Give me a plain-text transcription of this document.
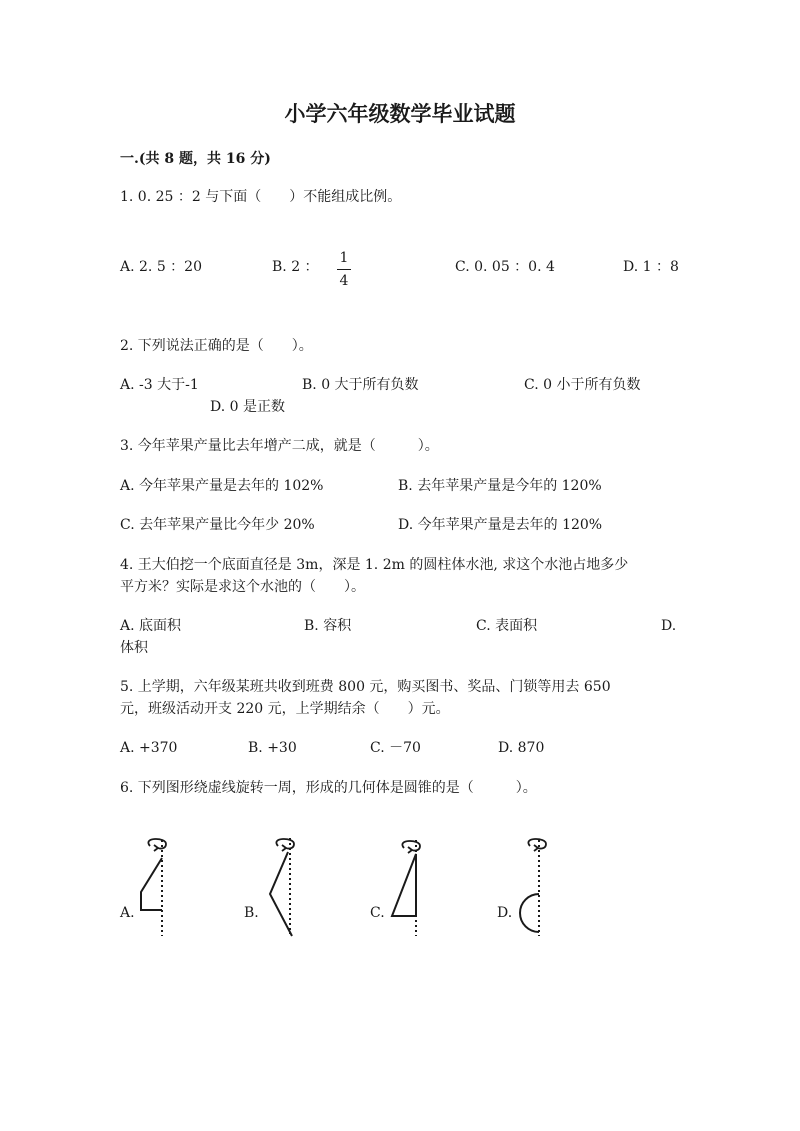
小学六年级数学毕业试题
一.(共 8 题，共 16 分)
1. 0. 25 ：2 与下面（　　）不能组成比例。
A. 2. 5 ：20	B. 2 ：
1
4
C. 0. 05 ：0. 4	D. 1 ：8
2. 下列说法正确的是（　　）。
A. -3 大于-1	B. 0 大于所有负数	C. 0 小于所有负数
D. 0 是正数
3. 今年苹果产量比去年增产二成，就是（　　　）。
A. 今年苹果产量是去年的 102%	B. 去年苹果产量是今年的 120%
C. 去年苹果产量比今年少 20%	D. 今年苹果产量是去年的 120%
4. 王大伯挖一个底面直径是 3m，深是 1. 2m 的圆柱体水池, 求这个水池占地多少
平方米？实际是求这个水池的（　　）。
A. 底面积	B. 容积	C. 表面积	D.
体积
5. 上学期，六年级某班共收到班费 800 元，购买图书、奖品、门锁等用去 650
元，班级活动开支 220 元，上学期结余（　　）元。
A. +370	B. +30	C. －70	D. 870
6. 下列图形绕虚线旋转一周，形成的几何体是圆锥的是（　　　）。
A.	B.	C.	D.
